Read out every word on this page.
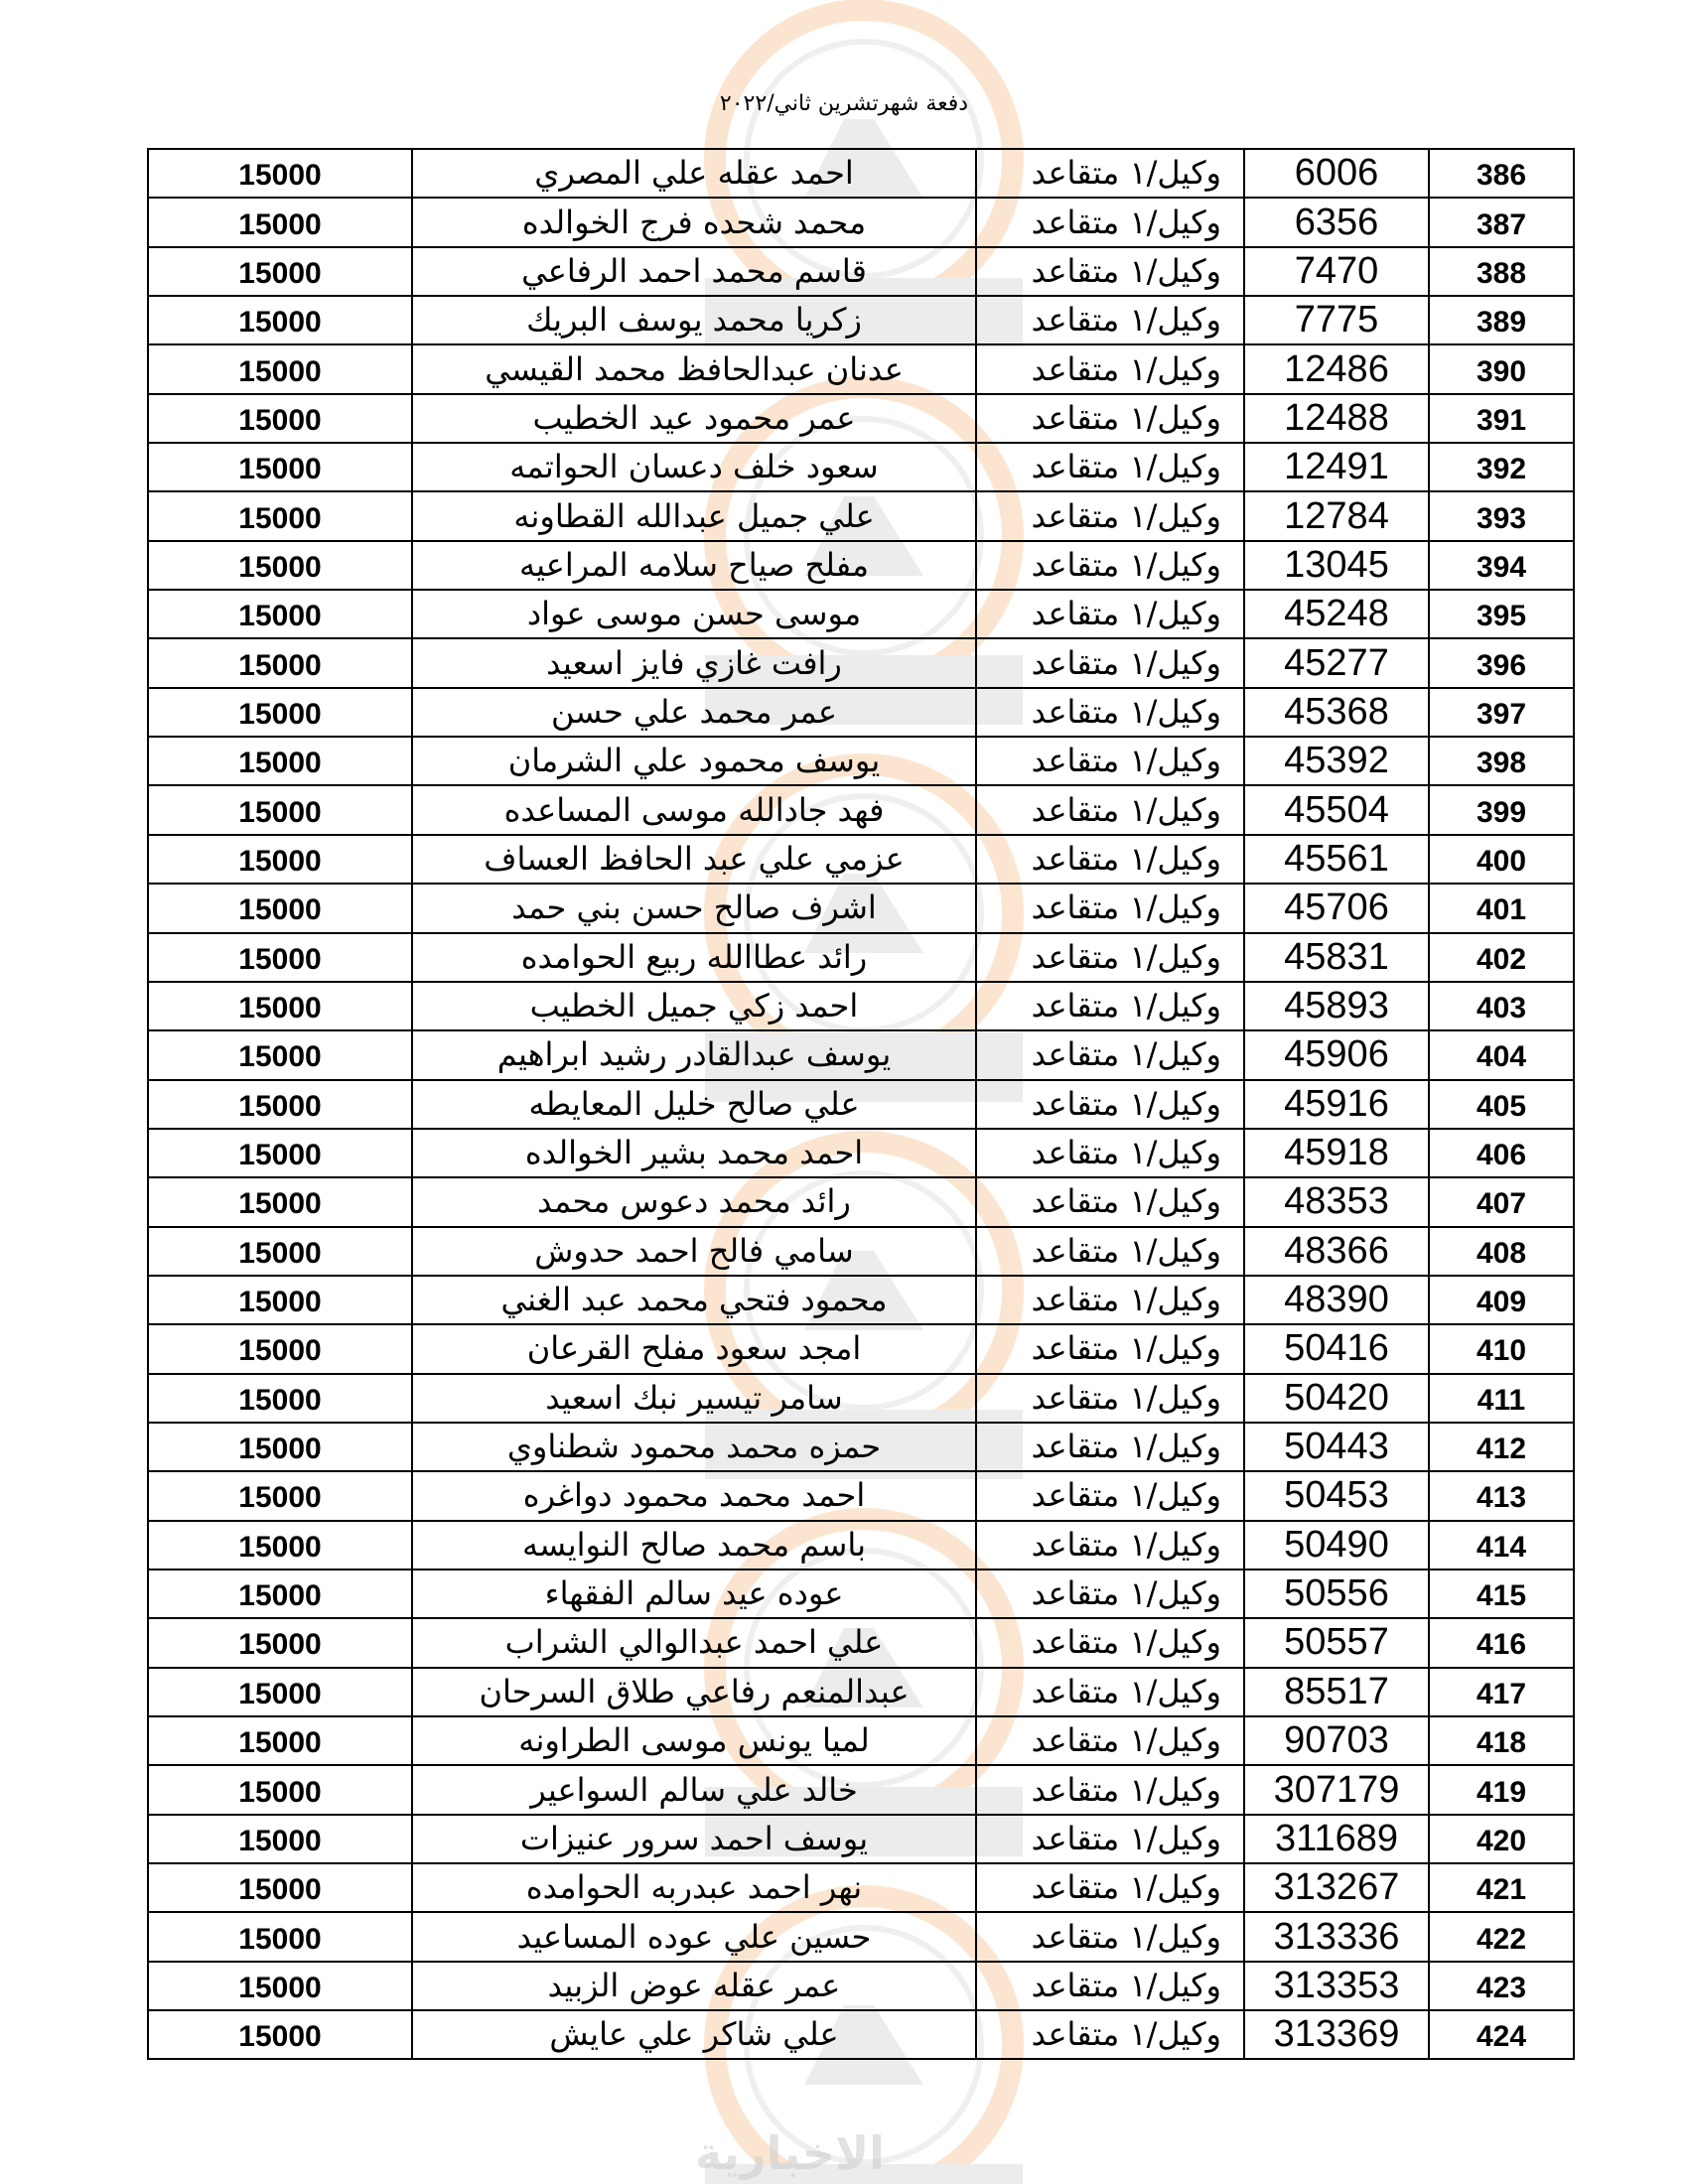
الاخبارية
دفعة شهرتشرين ثاني/٢٠٢٢
15000	احمد عقله علي المصري	وكيل/١ متقاعد	6006	386
15000	محمد شحده فرج الخوالده	وكيل/١ متقاعد	6356	387
15000	قاسم محمد احمد الرفاعي	وكيل/١ متقاعد	7470	388
15000	زكريا محمد يوسف البريك	وكيل/١ متقاعد	7775	389
15000	عدنان عبدالحافظ محمد القيسي	وكيل/١ متقاعد	12486	390
15000	عمر محمود عيد الخطيب	وكيل/١ متقاعد	12488	391
15000	سعود خلف دعسان الحواتمه	وكيل/١ متقاعد	12491	392
15000	علي جميل عبدالله القطاونه	وكيل/١ متقاعد	12784	393
15000	مفلح صياح سلامه المراعيه	وكيل/١ متقاعد	13045	394
15000	موسى حسن موسى عواد	وكيل/١ متقاعد	45248	395
15000	رافت غازي فايز اسعيد	وكيل/١ متقاعد	45277	396
15000	عمر محمد علي حسن	وكيل/١ متقاعد	45368	397
15000	يوسف محمود علي الشرمان	وكيل/١ متقاعد	45392	398
15000	فهد جادالله موسى المساعده	وكيل/١ متقاعد	45504	399
15000	عزمي علي عبد الحافظ العساف	وكيل/١ متقاعد	45561	400
15000	اشرف صالح حسن بني حمد	وكيل/١ متقاعد	45706	401
15000	رائد عطاالله ربيع الحوامده	وكيل/١ متقاعد	45831	402
15000	احمد زكي جميل الخطيب	وكيل/١ متقاعد	45893	403
15000	يوسف عبدالقادر رشيد ابراهيم	وكيل/١ متقاعد	45906	404
15000	علي صالح خليل المعايطه	وكيل/١ متقاعد	45916	405
15000	احمد محمد بشير الخوالده	وكيل/١ متقاعد	45918	406
15000	رائد محمد دعوس محمد	وكيل/١ متقاعد	48353	407
15000	سامي فالح احمد حدوش	وكيل/١ متقاعد	48366	408
15000	محمود فتحي محمد عبد الغني	وكيل/١ متقاعد	48390	409
15000	امجد سعود مفلح القرعان	وكيل/١ متقاعد	50416	410
15000	سامر تيسير نبك اسعيد	وكيل/١ متقاعد	50420	411
15000	حمزه محمد محمود شطناوي	وكيل/١ متقاعد	50443	412
15000	احمد محمد محمود دواغره	وكيل/١ متقاعد	50453	413
15000	باسم محمد صالح النوايسه	وكيل/١ متقاعد	50490	414
15000	عوده عيد سالم الفقهاء	وكيل/١ متقاعد	50556	415
15000	علي احمد عبدالوالي الشراب	وكيل/١ متقاعد	50557	416
15000	عبدالمنعم رفاعي طلاق السرحان	وكيل/١ متقاعد	85517	417
15000	لميا يونس موسى الطراونه	وكيل/١ متقاعد	90703	418
15000	خالد علي سالم السواعير	وكيل/١ متقاعد	307179	419
15000	يوسف احمد سرور عنيزات	وكيل/١ متقاعد	311689	420
15000	نهر احمد عبدربه الحوامده	وكيل/١ متقاعد	313267	421
15000	حسين علي عوده المساعيد	وكيل/١ متقاعد	313336	422
15000	عمر عقله عوض الزبيد	وكيل/١ متقاعد	313353	423
15000	علي شاكر علي عايش	وكيل/١ متقاعد	313369	424
